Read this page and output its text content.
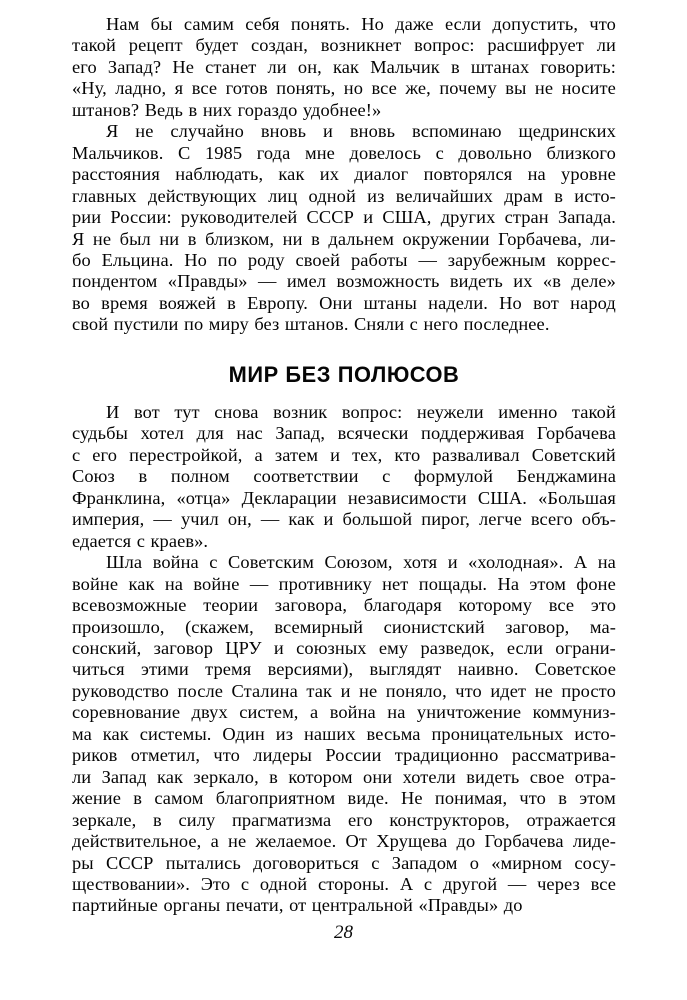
Нам бы самим себя понять. Но даже если допустить, что
такой рецепт будет создан, возникнет вопрос: расшифрует ли
его Запад? Не станет ли он, как Мальчик в штанах говорить:
«Ну, ладно, я все готов понять, но все же, почему вы не носите
штанов? Ведь в них гораздо удобнее!»
Я не случайно вновь и вновь вспоминаю щедринских
Мальчиков. С 1985 года мне довелось с довольно близкого
расстояния наблюдать, как их диалог повторялся на уровне
главных действующих лиц одной из величайших драм в исто-
рии России: руководителей СССР и США, других стран Запада.
Я не был ни в близком, ни в дальнем окружении Горбачева, ли-
бо Ельцина. Но по роду своей работы — зарубежным коррес-
пондентом «Правды» — имел возможность видеть их «в деле»
во время вояжей в Европу. Они штаны надели. Но вот народ
свой пустили по миру без штанов. Сняли с него последнее.
МИР БЕЗ ПОЛЮСОВ
И вот тут снова возник вопрос: неужели именно такой
судьбы хотел для нас Запад, всячески поддерживая Горбачева
с его перестройкой, а затем и тех, кто разваливал Советский
Союз в полном соответствии с формулой Бенджамина
Франклина, «отца» Декларации независимости США. «Большая
империя, — учил он, — как и большой пирог, легче всего объ-
едается с краев».
Шла война с Советским Союзом, хотя и «холодная». А на
войне как на войне — противнику нет пощады. На этом фоне
всевозможные теории заговора, благодаря которому все это
произошло, (скажем, всемирный сионистский заговор, ма-
сонский, заговор ЦРУ и союзных ему разведок, если ограни-
читься этими тремя версиями), выглядят наивно. Советское
руководство после Сталина так и не поняло, что идет не просто
соревнование двух систем, а война на уничтожение коммуниз-
ма как системы. Один из наших весьма проницательных исто-
риков отметил, что лидеры России традиционно рассматрива-
ли Запад как зеркало, в котором они хотели видеть свое отра-
жение в самом благоприятном виде. Не понимая, что в этом
зеркале, в силу прагматизма его конструкторов, отражается
действительное, а не желаемое. От Хрущева до Горбачева лиде-
ры СССР пытались договориться с Западом о «мирном сосу-
ществовании». Это с одной стороны. А с другой — через все
партийные органы печати, от центральной «Правды» до
28
